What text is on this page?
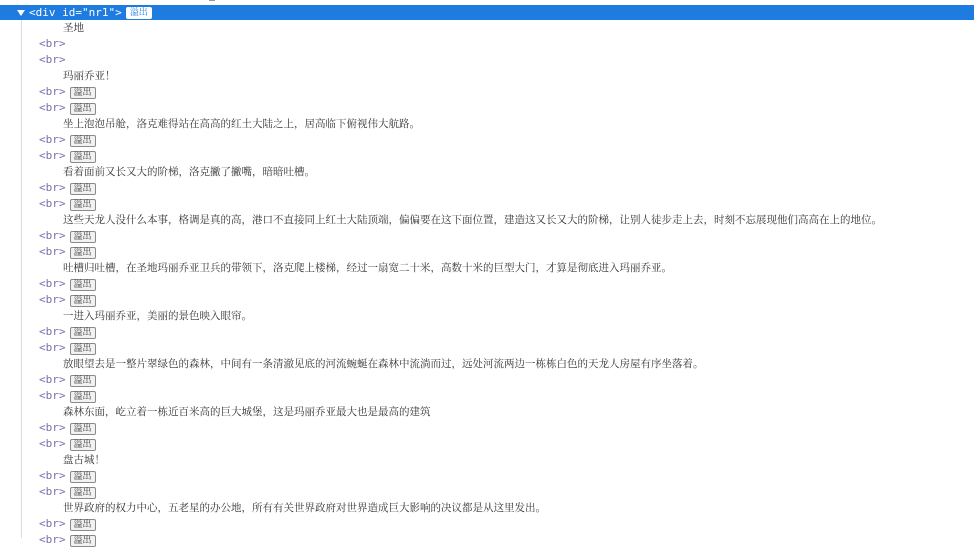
<div id="nr1"> 溢出
圣地
<br>
<br>
玛丽乔亚！
<br> 溢出
<br> 溢出
坐上泡泡吊舱，洛克难得站在高高的红土大陆之上，居高临下俯视伟大航路。
<br> 溢出
<br> 溢出
看着面前又长又大的阶梯，洛克撇了撇嘴，暗暗吐槽。
<br> 溢出
<br> 溢出
这些天龙人没什么本事，格调是真的高，港口不直接同上红土大陆顶端，偏偏要在这下面位置，建造这又长又大的阶梯，让别人徒步走上去，时刻不忘展现他们高高在上的地位。
<br> 溢出
<br> 溢出
吐槽归吐槽，在圣地玛丽乔亚卫兵的带领下，洛克爬上楼梯，经过一扇宽二十米，高数十米的巨型大门，才算是彻底进入玛丽乔亚。
<br> 溢出
<br> 溢出
一进入玛丽乔亚，美丽的景色映入眼帘。
<br> 溢出
<br> 溢出
放眼望去是一整片翠绿色的森林，中间有一条清澈见底的河流蜿蜒在森林中流淌而过，远处河流两边一栋栋白色的天龙人房屋有序坐落着。
<br> 溢出
<br> 溢出
森林东面，屹立着一栋近百米高的巨大城堡，这是玛丽乔亚最大也是最高的建筑
<br> 溢出
<br> 溢出
盘古城！
<br> 溢出
<br> 溢出
世界政府的权力中心，五老星的办公地，所有有关世界政府对世界造成巨大影响的决议都是从这里发出。
<br> 溢出
<br> 溢出
